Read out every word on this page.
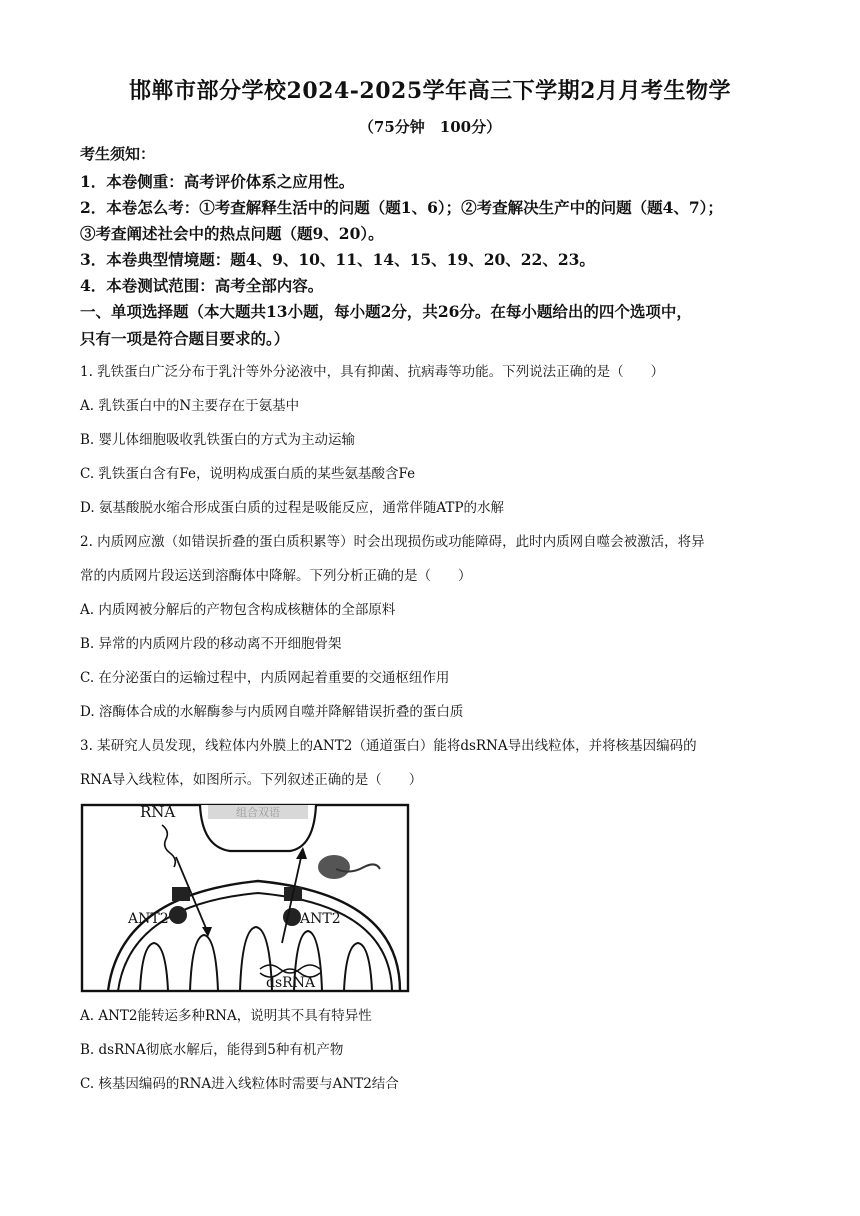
邯郸市部分学校2024-2025学年高三下学期2月月考生物学
（75分钟　100分）
考生须知：
1．本卷侧重：高考评价体系之应用性。
2．本卷怎么考：①考查解释生活中的问题（题1、6）；②考查解决生产中的问题（题4、7）；
③考查阐述社会中的热点问题（题9、20）。
3．本卷典型情境题：题4、9、10、11、14、15、19、20、22、23。
4．本卷测试范围：高考全部内容。
一、单项选择题（本大题共13小题，每小题2分，共26分。在每小题给出的四个选项中，
只有一项是符合题目要求的。）
1. 乳铁蛋白广泛分布于乳汁等外分泌液中，具有抑菌、抗病毒等功能。下列说法正确的是（　　）
A. 乳铁蛋白中的N主要存在于氨基中
B. 婴儿体细胞吸收乳铁蛋白的方式为主动运输
C. 乳铁蛋白含有Fe，说明构成蛋白质的某些氨基酸含Fe
D. 氨基酸脱水缩合形成蛋白质的过程是吸能反应，通常伴随ATP的水解
2. 内质网应激（如错误折叠的蛋白质积累等）时会出现损伤或功能障碍，此时内质网自噬会被激活，将异
常的内质网片段运送到溶酶体中降解。下列分析正确的是（　　）
A. 内质网被分解后的产物包含构成核糖体的全部原料
B. 异常的内质网片段的移动离不开细胞骨架
C. 在分泌蛋白的运输过程中，内质网起着重要的交通枢纽作用
D. 溶酶体合成的水解酶参与内质网自噬并降解错误折叠的蛋白质
3. 某研究人员发现，线粒体内外膜上的ANT2（通道蛋白）能将dsRNA导出线粒体，并将核基因编码的
RNA导入线粒体，如图所示。下列叙述正确的是（　　）
组合双语
RNA
ANT2	ANT2
dsRNA
A. ANT2能转运多种RNA，说明其不具有特异性
B. dsRNA彻底水解后，能得到5种有机产物
C. 核基因编码的RNA进入线粒体时需要与ANT2结合
